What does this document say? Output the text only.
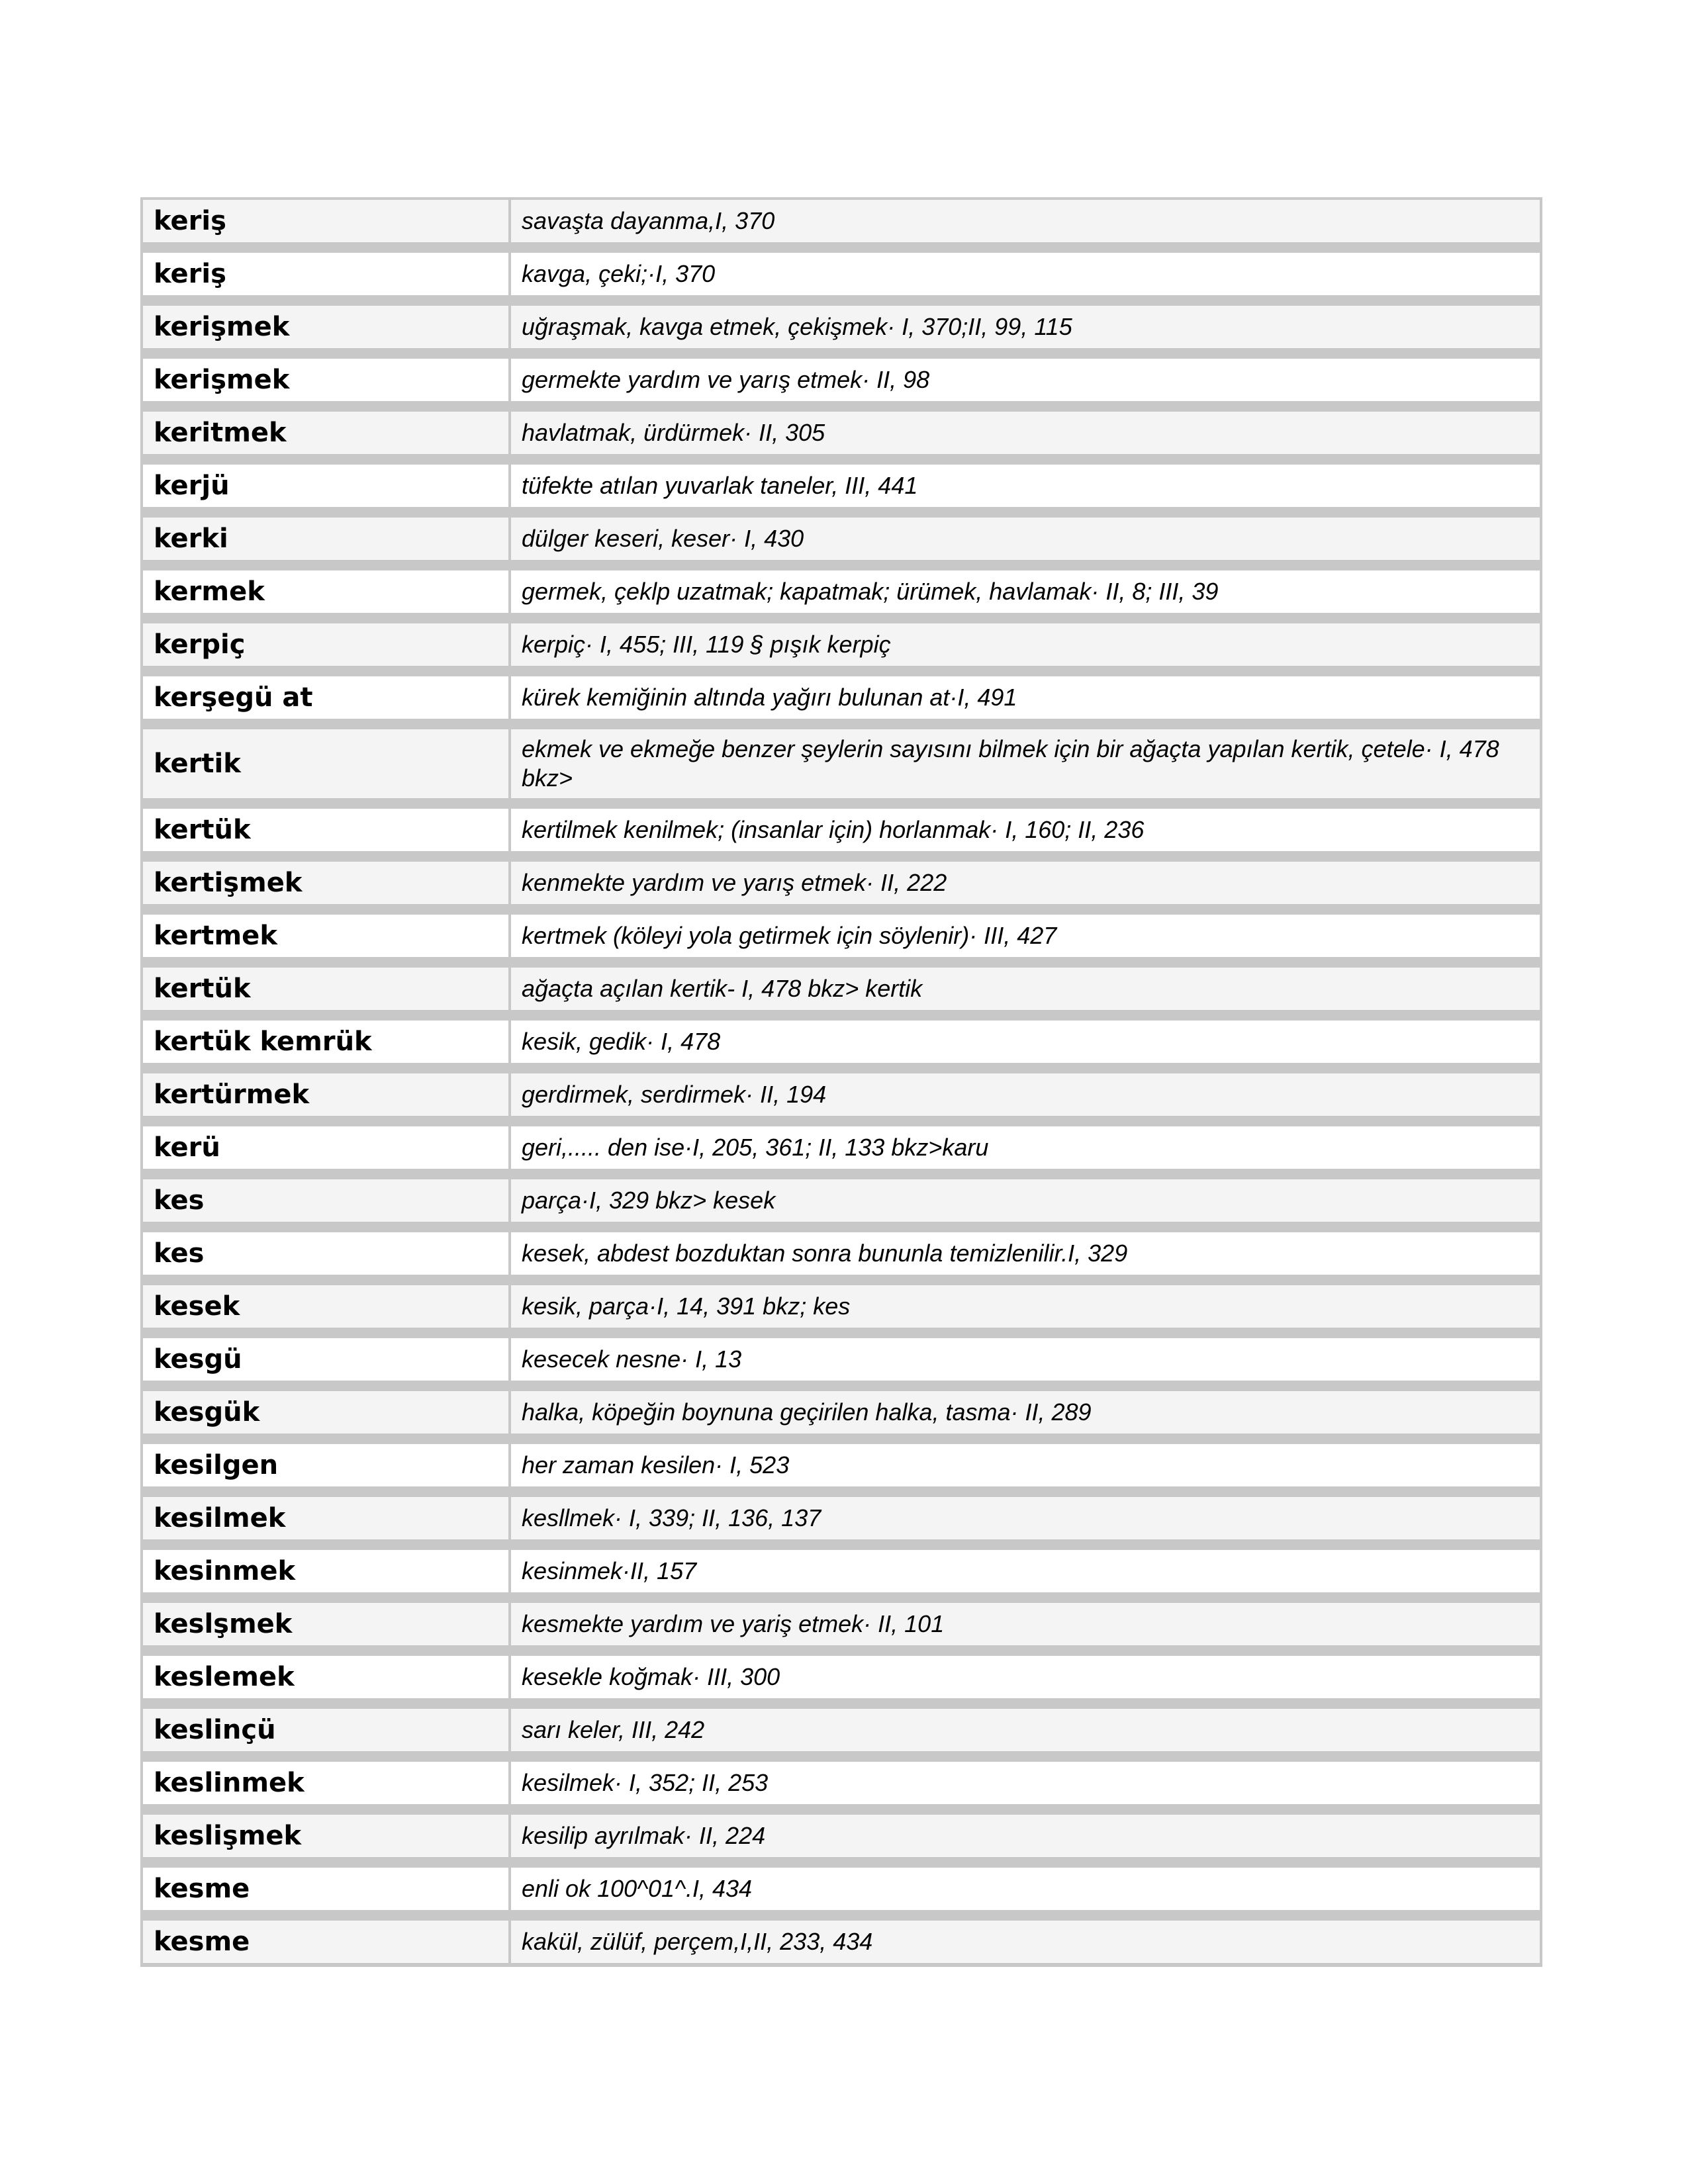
keriş	savaşta dayanma,I, 370
keriş	kavga, çeki;·I, 370
kerişmek	uğraşmak, kavga etmek, çekişmek· I, 370;II, 99, 115
kerişmek	germekte yardım ve yarış etmek· II, 98
keritmek	havlatmak, ürdürmek· II, 305
kerjü	tüfekte atılan yuvarlak taneler, III, 441
kerki	dülger keseri, keser· I, 430
kermek	germek, çeklp uzatmak; kapatmak; ürümek, havlamak· II, 8; III, 39
kerpiç	kerpiç· I, 455; III, 119 § pışık kerpiç
kerşegü at	kürek kemiğinin altında yağırı bulunan at·I, 491
kertik	ekmek ve ekmeğe benzer şeylerin sayısını bilmek için bir ağaçta yapılan kertik, çetele· I, 478 bkz>
kertük	kertilmek kenilmek; (insanlar için) horlanmak· I, 160; II, 236
kertişmek	kenmekte yardım ve yarış etmek· II, 222
kertmek	kertmek (köleyi yola getirmek için söylenir)· III, 427
kertük	ağaçta açılan kertik- I, 478 bkz> kertik
kertük kemrük	kesik, gedik· I, 478
kertürmek	gerdirmek, serdirmek· II, 194
kerü	geri,..... den ise·I, 205, 361; II, 133 bkz>karu
kes	parça·I, 329 bkz> kesek
kes	kesek, abdest bozduktan sonra bununla temizlenilir.I, 329
kesek	kesik, parça·I, 14, 391 bkz; kes
kesgü	kesecek nesne· I, 13
kesgük	halka, köpeğin boynuna geçirilen halka, tasma· II, 289
kesilgen	her zaman kesilen· I, 523
kesilmek	kesllmek· I, 339; II, 136, 137
kesinmek	kesinmek·II, 157
keslşmek	kesmekte yardım ve yariş etmek· II, 101
keslemek	kesekle koğmak· III, 300
keslinçü	sarı keler, III, 242
keslinmek	kesilmek· I, 352; II, 253
keslişmek	kesilip ayrılmak· II, 224
kesme	enli ok 100^01^.I, 434
kesme	kakül, zülüf, perçem,I,II, 233, 434
